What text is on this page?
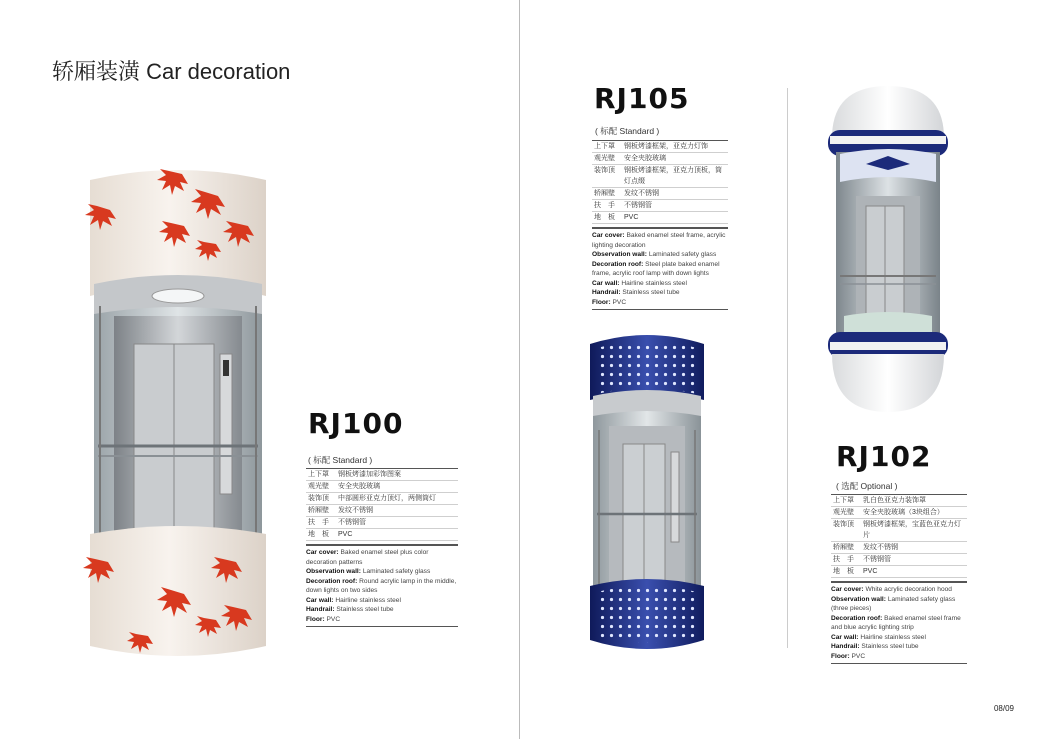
轿厢装潢 Car decoration
RJ100
( 标配 Standard )
上下罩	钢板烤漆加彩饰图案
观光壁	安全夹胶玻璃
装饰顶	中部圆形亚克力顶灯，两侧筒灯
轿厢壁	发纹不锈钢
扶　手	不锈钢管
地　板	PVC
Car cover: Baked enamel steel plus color decoration patterns
Observation wall: Laminated safety glass
Decoration roof: Round acrylic lamp in the middle, down lights on two sides
Car wall: Hairline stainless steel
Handrail: Stainless steel tube
Floor: PVC
RJ105
( 标配 Standard )
上下罩	钢板烤漆框架，亚克力灯饰
观光壁	安全夹胶玻璃
装饰顶	钢板烤漆框架，亚克力顶板，筒灯点缀
轿厢壁	发纹不锈钢
扶　手	不锈钢管
地　板	PVC
Car cover: Baked enamel steel frame, acrylic lighting decoration
Observation wall: Laminated safety glass
Decoration roof: Steel plate baked enamel frame, acrylic roof lamp with down lights
Car wall: Hairline stainless steel
Handrail: Stainless steel tube
Floor: PVC
RJ102
( 选配 Optional )
上下罩	乳白色亚克力装饰罩
观光壁	安全夹胶玻璃（3块组合）
装饰顶	钢板烤漆框架，宝蓝色亚克力灯片
轿厢壁	发纹不锈钢
扶　手	不锈钢管
地　板	PVC
Car cover: White acrylic decoration hood
Observation wall: Laminated safety glass (three pieces)
Decoration roof: Baked enamel steel frame and blue acrylic lighting strip
Car wall: Hairline stainless steel
Handrail: Stainless steel tube
Floor: PVC
08/09
